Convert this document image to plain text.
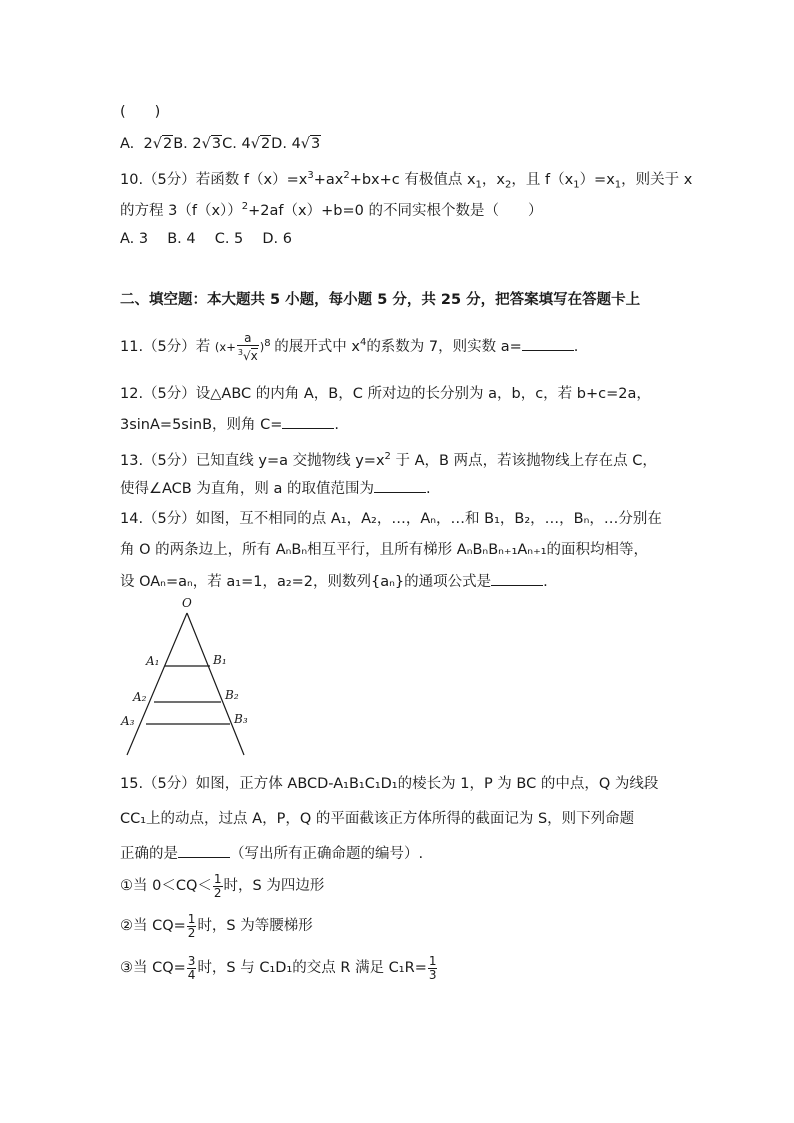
(　　)
A. 2√2B. 2√3C. 4√2D. 4√3
10.（5分）若函数 $f(x)=x^3+ax^2+bx+c$ 有极值点 $x_1$，$x_2$，且 $f(x_1)=x_1$，则关于 x
的方程 $3(f(x))^2+2af(x)+b=0$ 的不同实根个数是（　　）
A. 3　 B. 4　 C. 5　 D. 6
二、填空题：本大题共 5 小题，每小题 5 分，共 25 分，把答案填写在答题卡上
11.（5分）若 $(x+ \frac{a}{^3√x} )^8$ 的展开式中 $x^4$的系数为 7，则实数 a=	.
12.（5分）设△ABC 的内角 A，B，C 所对边的长分别为 a，b，c，若 b+c=2a，
3sinA=5sinB，则角 C=	.
13.（5分）已知直线 y=a 交抛物线 $y=x^2$ 于 A，B 两点，若该抛物线上存在点 C，
使得∠ACB 为直角，则 a 的取值范围为	.
14.（5分）如图，互不相同的点 A₁，A₂，…，Aₙ，…和 B₁，B₂，…，Bₙ，…分别在
角 O 的两条边上，所有 AₙBₙ相互平行，且所有梯形 AₙBₙBₙ₊₁Aₙ₊₁的面积均相等，
设 OAₙ=aₙ，若 a₁=1，a₂=2，则数列{aₙ}的通项公式是	.
O
A₁	B₁
A₂	B₂
A₃	B₃
15.（5分）如图，正方体 ABCD-A₁B₁C₁D₁的棱长为 1，P 为 BC 的中点，Q 为线段
CC₁上的动点，过点 A，P，Q 的平面截该正方体所得的截面记为 S，则下列命题
正确的是	（写出所有正确命题的编号）.
①当 $0<CQ< \frac{1}{2}$ 时，S 为四边形
②当 $CQ= \frac{1}{2}$ 时，S 为等腰梯形
③当 $CQ= \frac{3}{4}$ 时，S 与 C₁D₁的交点 R 满足 $C_1R= \frac{1}{3}$
